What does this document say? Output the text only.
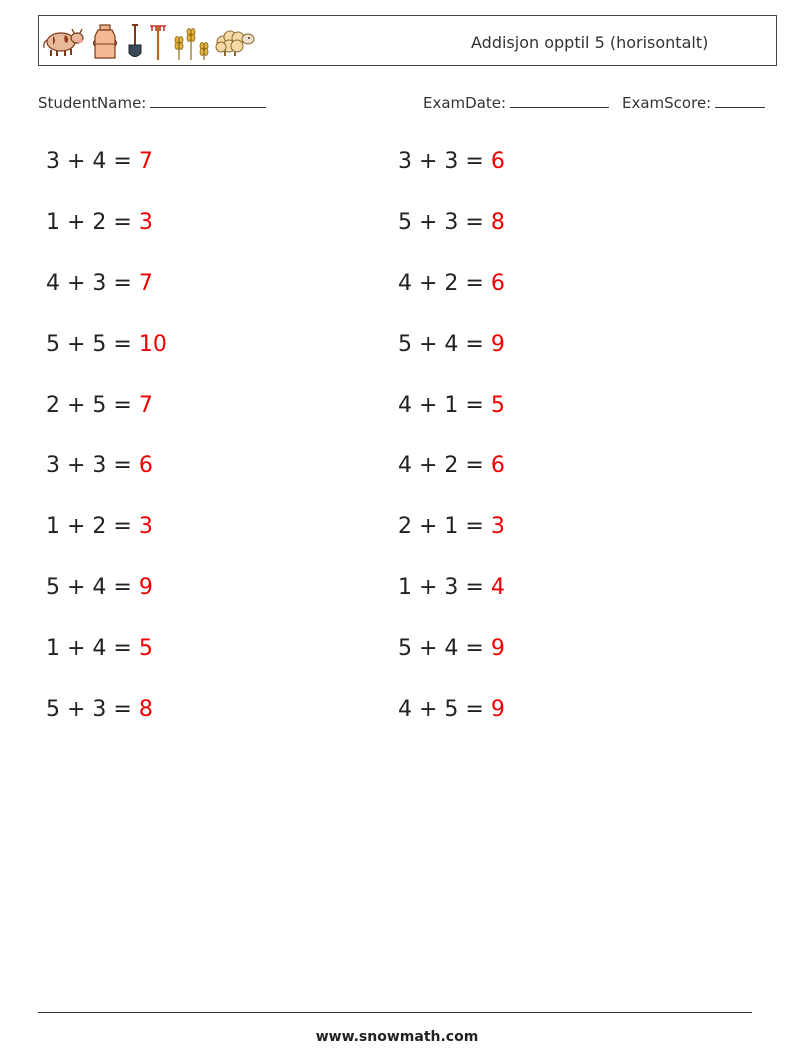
Addisjon opptil 5 (horisontalt)
StudentName:	ExamDate:	ExamScore:
3 + 4 = 7
1 + 2 = 3
4 + 3 = 7
5 + 5 = 10
2 + 5 = 7
3 + 3 = 6
1 + 2 = 3
5 + 4 = 9
1 + 4 = 5
5 + 3 = 8
3 + 3 = 6
5 + 3 = 8
4 + 2 = 6
5 + 4 = 9
4 + 1 = 5
4 + 2 = 6
2 + 1 = 3
1 + 3 = 4
5 + 4 = 9
4 + 5 = 9
www.snowmath.com
